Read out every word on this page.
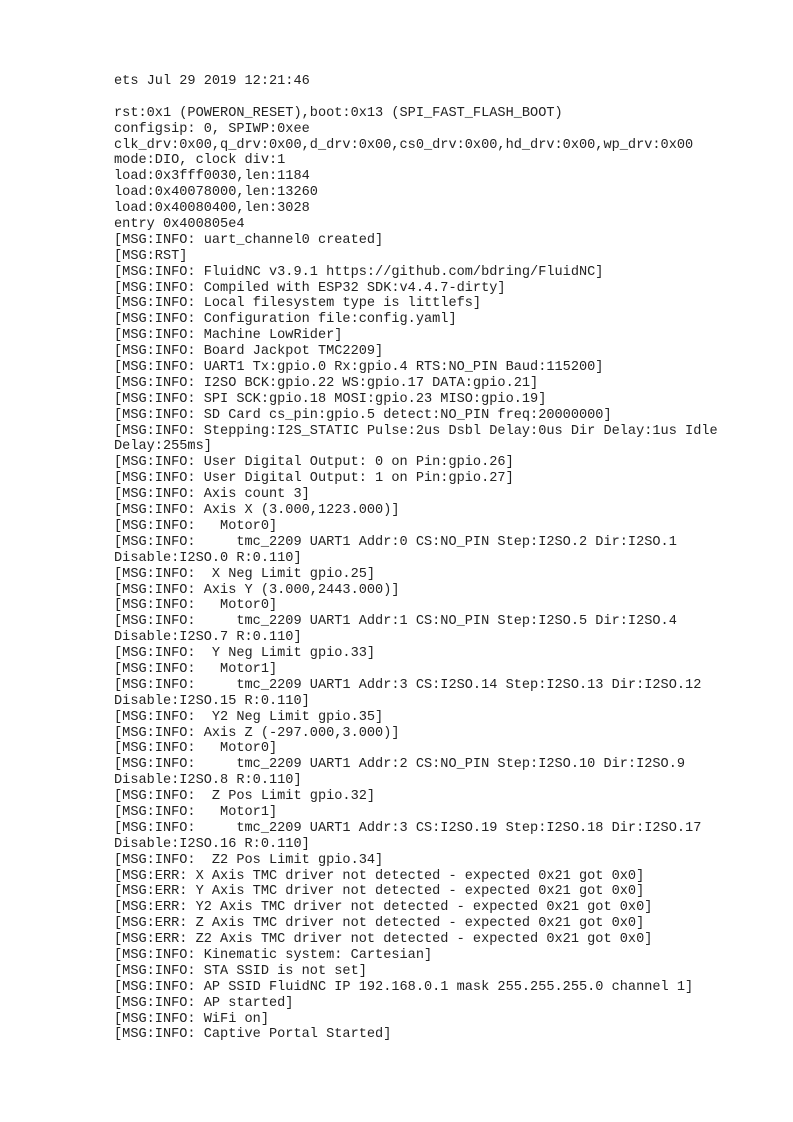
ets Jul 29 2019 12:21:46
rst:0x1 (POWERON_RESET),boot:0x13 (SPI_FAST_FLASH_BOOT)
configsip: 0, SPIWP:0xee
clk_drv:0x00,q_drv:0x00,d_drv:0x00,cs0_drv:0x00,hd_drv:0x00,wp_drv:0x00
mode:DIO, clock div:1
load:0x3fff0030,len:1184
load:0x40078000,len:13260
load:0x40080400,len:3028
entry 0x400805e4
[MSG:INFO: uart_channel0 created]
[MSG:RST]
[MSG:INFO: FluidNC v3.9.1 https://github.com/bdring/FluidNC]
[MSG:INFO: Compiled with ESP32 SDK:v4.4.7-dirty]
[MSG:INFO: Local filesystem type is littlefs]
[MSG:INFO: Configuration file:config.yaml]
[MSG:INFO: Machine LowRider]
[MSG:INFO: Board Jackpot TMC2209]
[MSG:INFO: UART1 Tx:gpio.0 Rx:gpio.4 RTS:NO_PIN Baud:115200]
[MSG:INFO: I2SO BCK:gpio.22 WS:gpio.17 DATA:gpio.21]
[MSG:INFO: SPI SCK:gpio.18 MOSI:gpio.23 MISO:gpio.19]
[MSG:INFO: SD Card cs_pin:gpio.5 detect:NO_PIN freq:20000000]
[MSG:INFO: Stepping:I2S_STATIC Pulse:2us Dsbl Delay:0us Dir Delay:1us Idle
Delay:255ms]
[MSG:INFO: User Digital Output: 0 on Pin:gpio.26]
[MSG:INFO: User Digital Output: 1 on Pin:gpio.27]
[MSG:INFO: Axis count 3]
[MSG:INFO: Axis X (3.000,1223.000)]
[MSG:INFO:   Motor0]
[MSG:INFO:     tmc_2209 UART1 Addr:0 CS:NO_PIN Step:I2SO.2 Dir:I2SO.1
Disable:I2SO.0 R:0.110]
[MSG:INFO:  X Neg Limit gpio.25]
[MSG:INFO: Axis Y (3.000,2443.000)]
[MSG:INFO:   Motor0]
[MSG:INFO:     tmc_2209 UART1 Addr:1 CS:NO_PIN Step:I2SO.5 Dir:I2SO.4
Disable:I2SO.7 R:0.110]
[MSG:INFO:  Y Neg Limit gpio.33]
[MSG:INFO:   Motor1]
[MSG:INFO:     tmc_2209 UART1 Addr:3 CS:I2SO.14 Step:I2SO.13 Dir:I2SO.12
Disable:I2SO.15 R:0.110]
[MSG:INFO:  Y2 Neg Limit gpio.35]
[MSG:INFO: Axis Z (-297.000,3.000)]
[MSG:INFO:   Motor0]
[MSG:INFO:     tmc_2209 UART1 Addr:2 CS:NO_PIN Step:I2SO.10 Dir:I2SO.9
Disable:I2SO.8 R:0.110]
[MSG:INFO:  Z Pos Limit gpio.32]
[MSG:INFO:   Motor1]
[MSG:INFO:     tmc_2209 UART1 Addr:3 CS:I2SO.19 Step:I2SO.18 Dir:I2SO.17
Disable:I2SO.16 R:0.110]
[MSG:INFO:  Z2 Pos Limit gpio.34]
[MSG:ERR: X Axis TMC driver not detected - expected 0x21 got 0x0]
[MSG:ERR: Y Axis TMC driver not detected - expected 0x21 got 0x0]
[MSG:ERR: Y2 Axis TMC driver not detected - expected 0x21 got 0x0]
[MSG:ERR: Z Axis TMC driver not detected - expected 0x21 got 0x0]
[MSG:ERR: Z2 Axis TMC driver not detected - expected 0x21 got 0x0]
[MSG:INFO: Kinematic system: Cartesian]
[MSG:INFO: STA SSID is not set]
[MSG:INFO: AP SSID FluidNC IP 192.168.0.1 mask 255.255.255.0 channel 1]
[MSG:INFO: AP started]
[MSG:INFO: WiFi on]
[MSG:INFO: Captive Portal Started]
